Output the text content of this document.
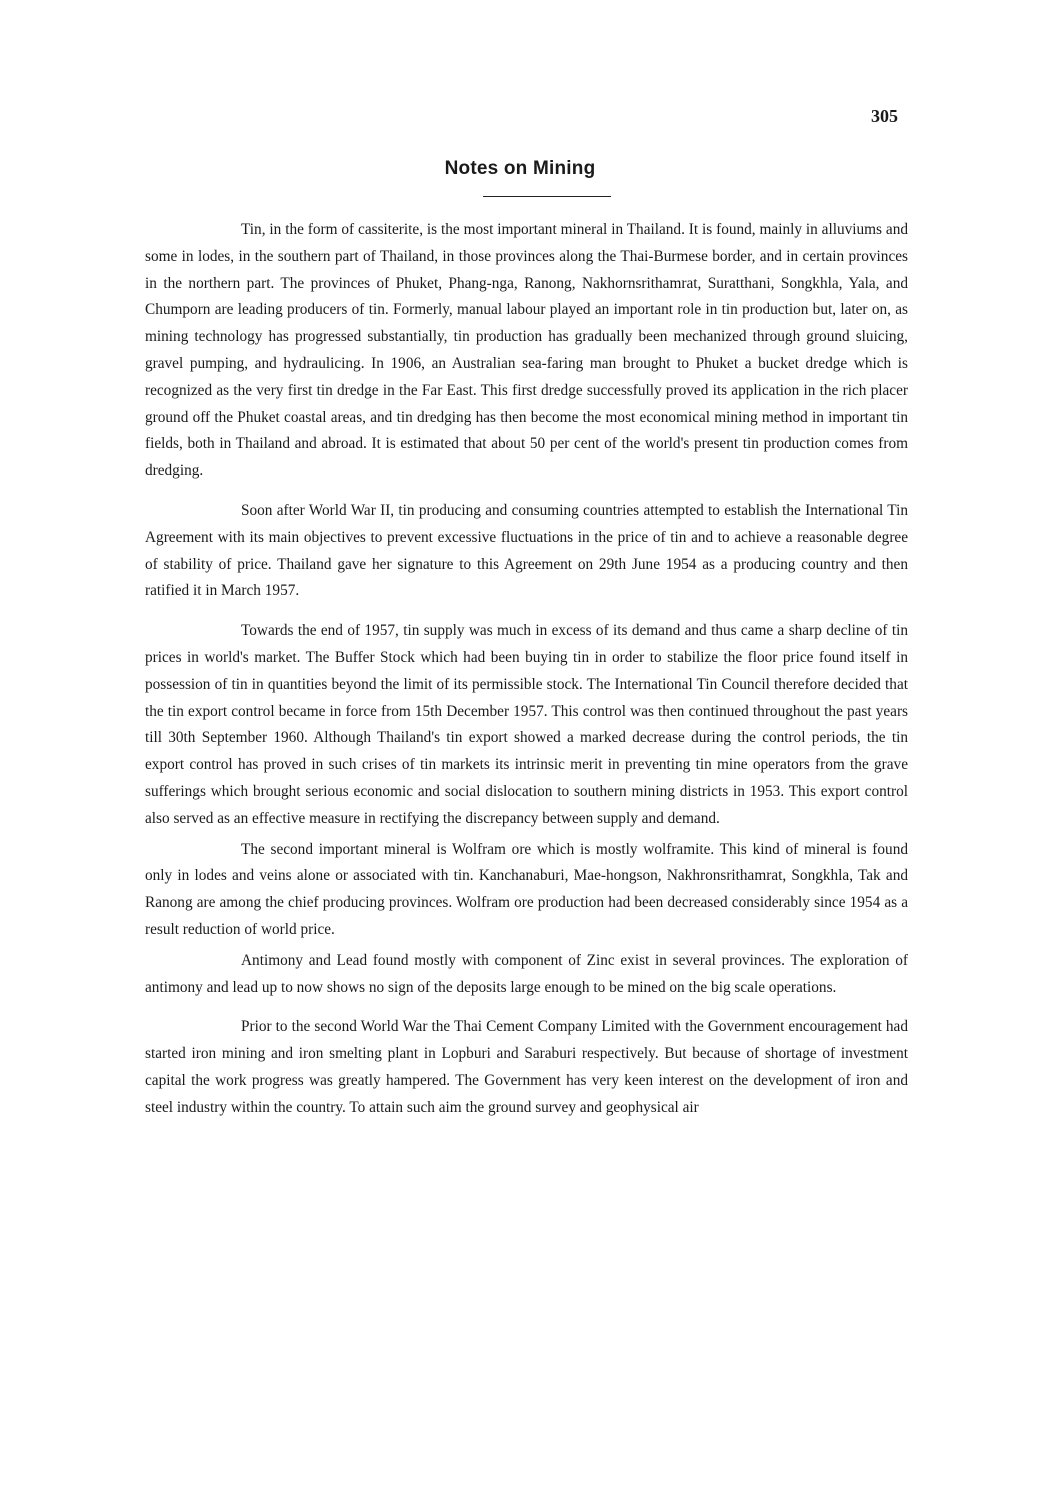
305
Notes on Mining

Tin, in the form of cassiterite, is the most important mineral in Thailand. It is found, mainly in alluviums and some in lodes, in the southern part of Thailand, in those provinces along the Thai-Burmese border, and in certain provinces in the northern part. The provinces of Phuket, Phang-nga, Ranong, Nakhornsrithamrat, Suratthani, Songkhla, Yala, and Chumporn are leading producers of tin. Formerly, manual labour played an important role in tin production but, later on, as mining technology has progressed substantially, tin production has gradually been mechanized through ground sluicing, gravel pumping, and hydraulicing. In 1906, an Australian sea-faring man brought to Phuket a bucket dredge which is recognized as the very first tin dredge in the Far East. This first dredge successfully proved its application in the rich placer ground off the Phuket coastal areas, and tin dredging has then become the most economical mining method in important tin fields, both in Thailand and abroad. It is estimated that about 50 per cent of the world's present tin production comes from dredging.

Soon after World War II, tin producing and consuming countries attempted to establish the International Tin Agreement with its main objectives to prevent excessive fluctuations in the price of tin and to achieve a reasonable degree of stability of price. Thailand gave her signature to this Agreement on 29th June 1954 as a producing country and then ratified it in March 1957.

Towards the end of 1957, tin supply was much in excess of its demand and thus came a sharp decline of tin prices in world's market. The Buffer Stock which had been buying tin in order to stabilize the floor price found itself in possession of tin in quantities beyond the limit of its permissible stock. The International Tin Council therefore decided that the tin export control became in force from 15th December 1957. This control was then continued throughout the past years till 30th September 1960. Although Thailand's tin export showed a marked decrease during the control periods, the tin export control has proved in such crises of tin markets its intrinsic merit in preventing tin mine operators from the grave sufferings which brought serious economic and social dislocation to southern mining districts in 1953. This export control also served as an effective measure in rectifying the discrepancy between supply and demand.

The second important mineral is Wolfram ore which is mostly wolframite. This kind of mineral is found only in lodes and veins alone or associated with tin. Kanchanaburi, Mae-hongson, Nakhronsrithamrat, Songkhla, Tak and Ranong are among the chief producing provinces. Wolfram ore production had been decreased considerably since 1954 as a result reduction of world price.

Antimony and Lead found mostly with component of Zinc exist in several provinces. The exploration of antimony and lead up to now shows no sign of the deposits large enough to be mined on the big scale operations.

Prior to the second World War the Thai Cement Company Limited with the Government encouragement had started iron mining and iron smelting plant in Lopburi and Saraburi respectively. But because of shortage of investment capital the work progress was greatly hampered. The Government has very keen interest on the development of iron and steel industry within the country. To attain such aim the ground survey and geophysical air
